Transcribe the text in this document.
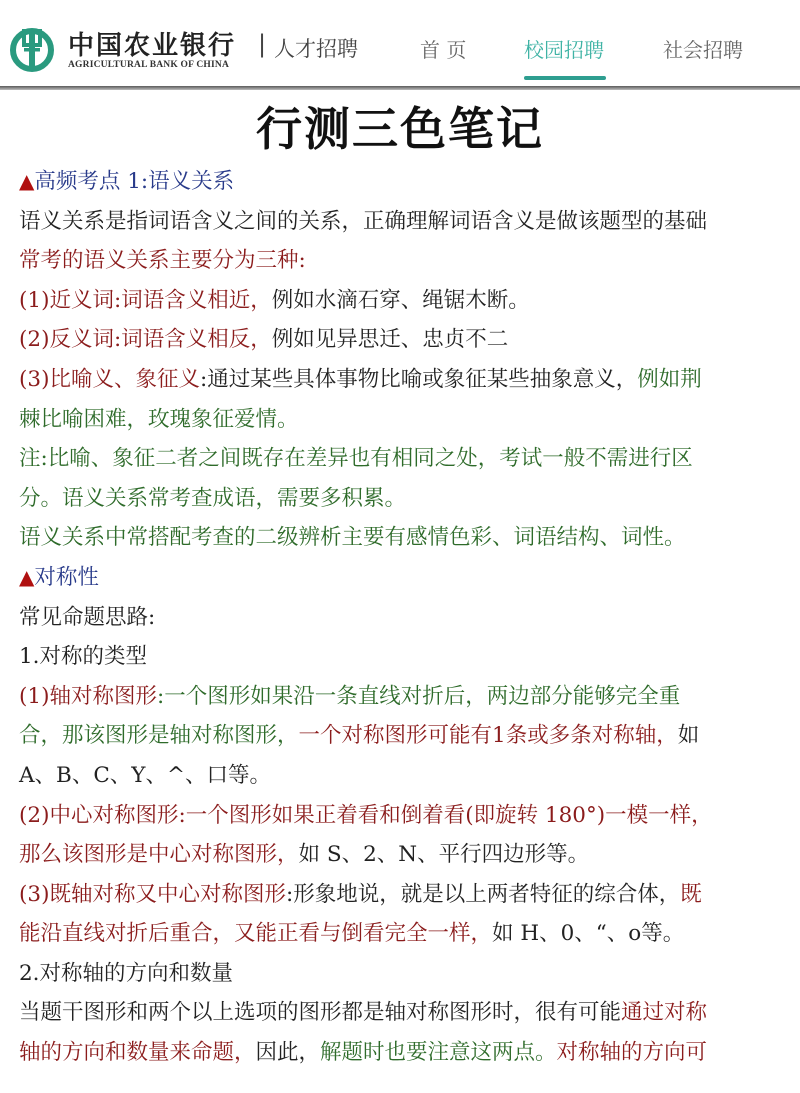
中国农业银行
AGRICULTURAL BANK OF CHINA
| 人才招聘	首 页	校园招聘	社会招聘
行测三色笔记
▲高频考点 1:语义关系
语义关系是指词语含义之间的关系，正确理解词语含义是做该题型的基础
常考的语义关系主要分为三种:
(1)近义词:词语含义相近，例如水滴石穿、绳锯木断。
(2)反义词:词语含义相反，例如见异思迁、忠贞不二
(3)比喻义、象征义:通过某些具体事物比喻或象征某些抽象意义，例如荆
棘比喻困难，玫瑰象征爱情。
注:比喻、象征二者之间既存在差异也有相同之处，考试一般不需进行区
分。语义关系常考查成语，需要多积累。
语义关系中常搭配考查的二级辨析主要有感情色彩、词语结构、词性。
▲对称性
常见命题思路:
1.对称的类型
(1)轴对称图形:一个图形如果沿一条直线对折后，两边部分能够完全重
合，那该图形是轴对称图形，一个对称图形可能有1条或多条对称轴，如
A、B、C、Y、^、口等。
(2)中心对称图形:一个图形如果正着看和倒着看(即旋转 180°)一模一样，
那么该图形是中心对称图形，如 S、2、N、平行四边形等。
(3)既轴对称又中心对称图形:形象地说，就是以上两者特征的综合体，既
能沿直线对折后重合，又能正看与倒看完全一样，如 H、0、“、o等。
2.对称轴的方向和数量
当题干图形和两个以上选项的图形都是轴对称图形时，很有可能通过对称
轴的方向和数量来命题，因此，解题时也要注意这两点。对称轴的方向可
